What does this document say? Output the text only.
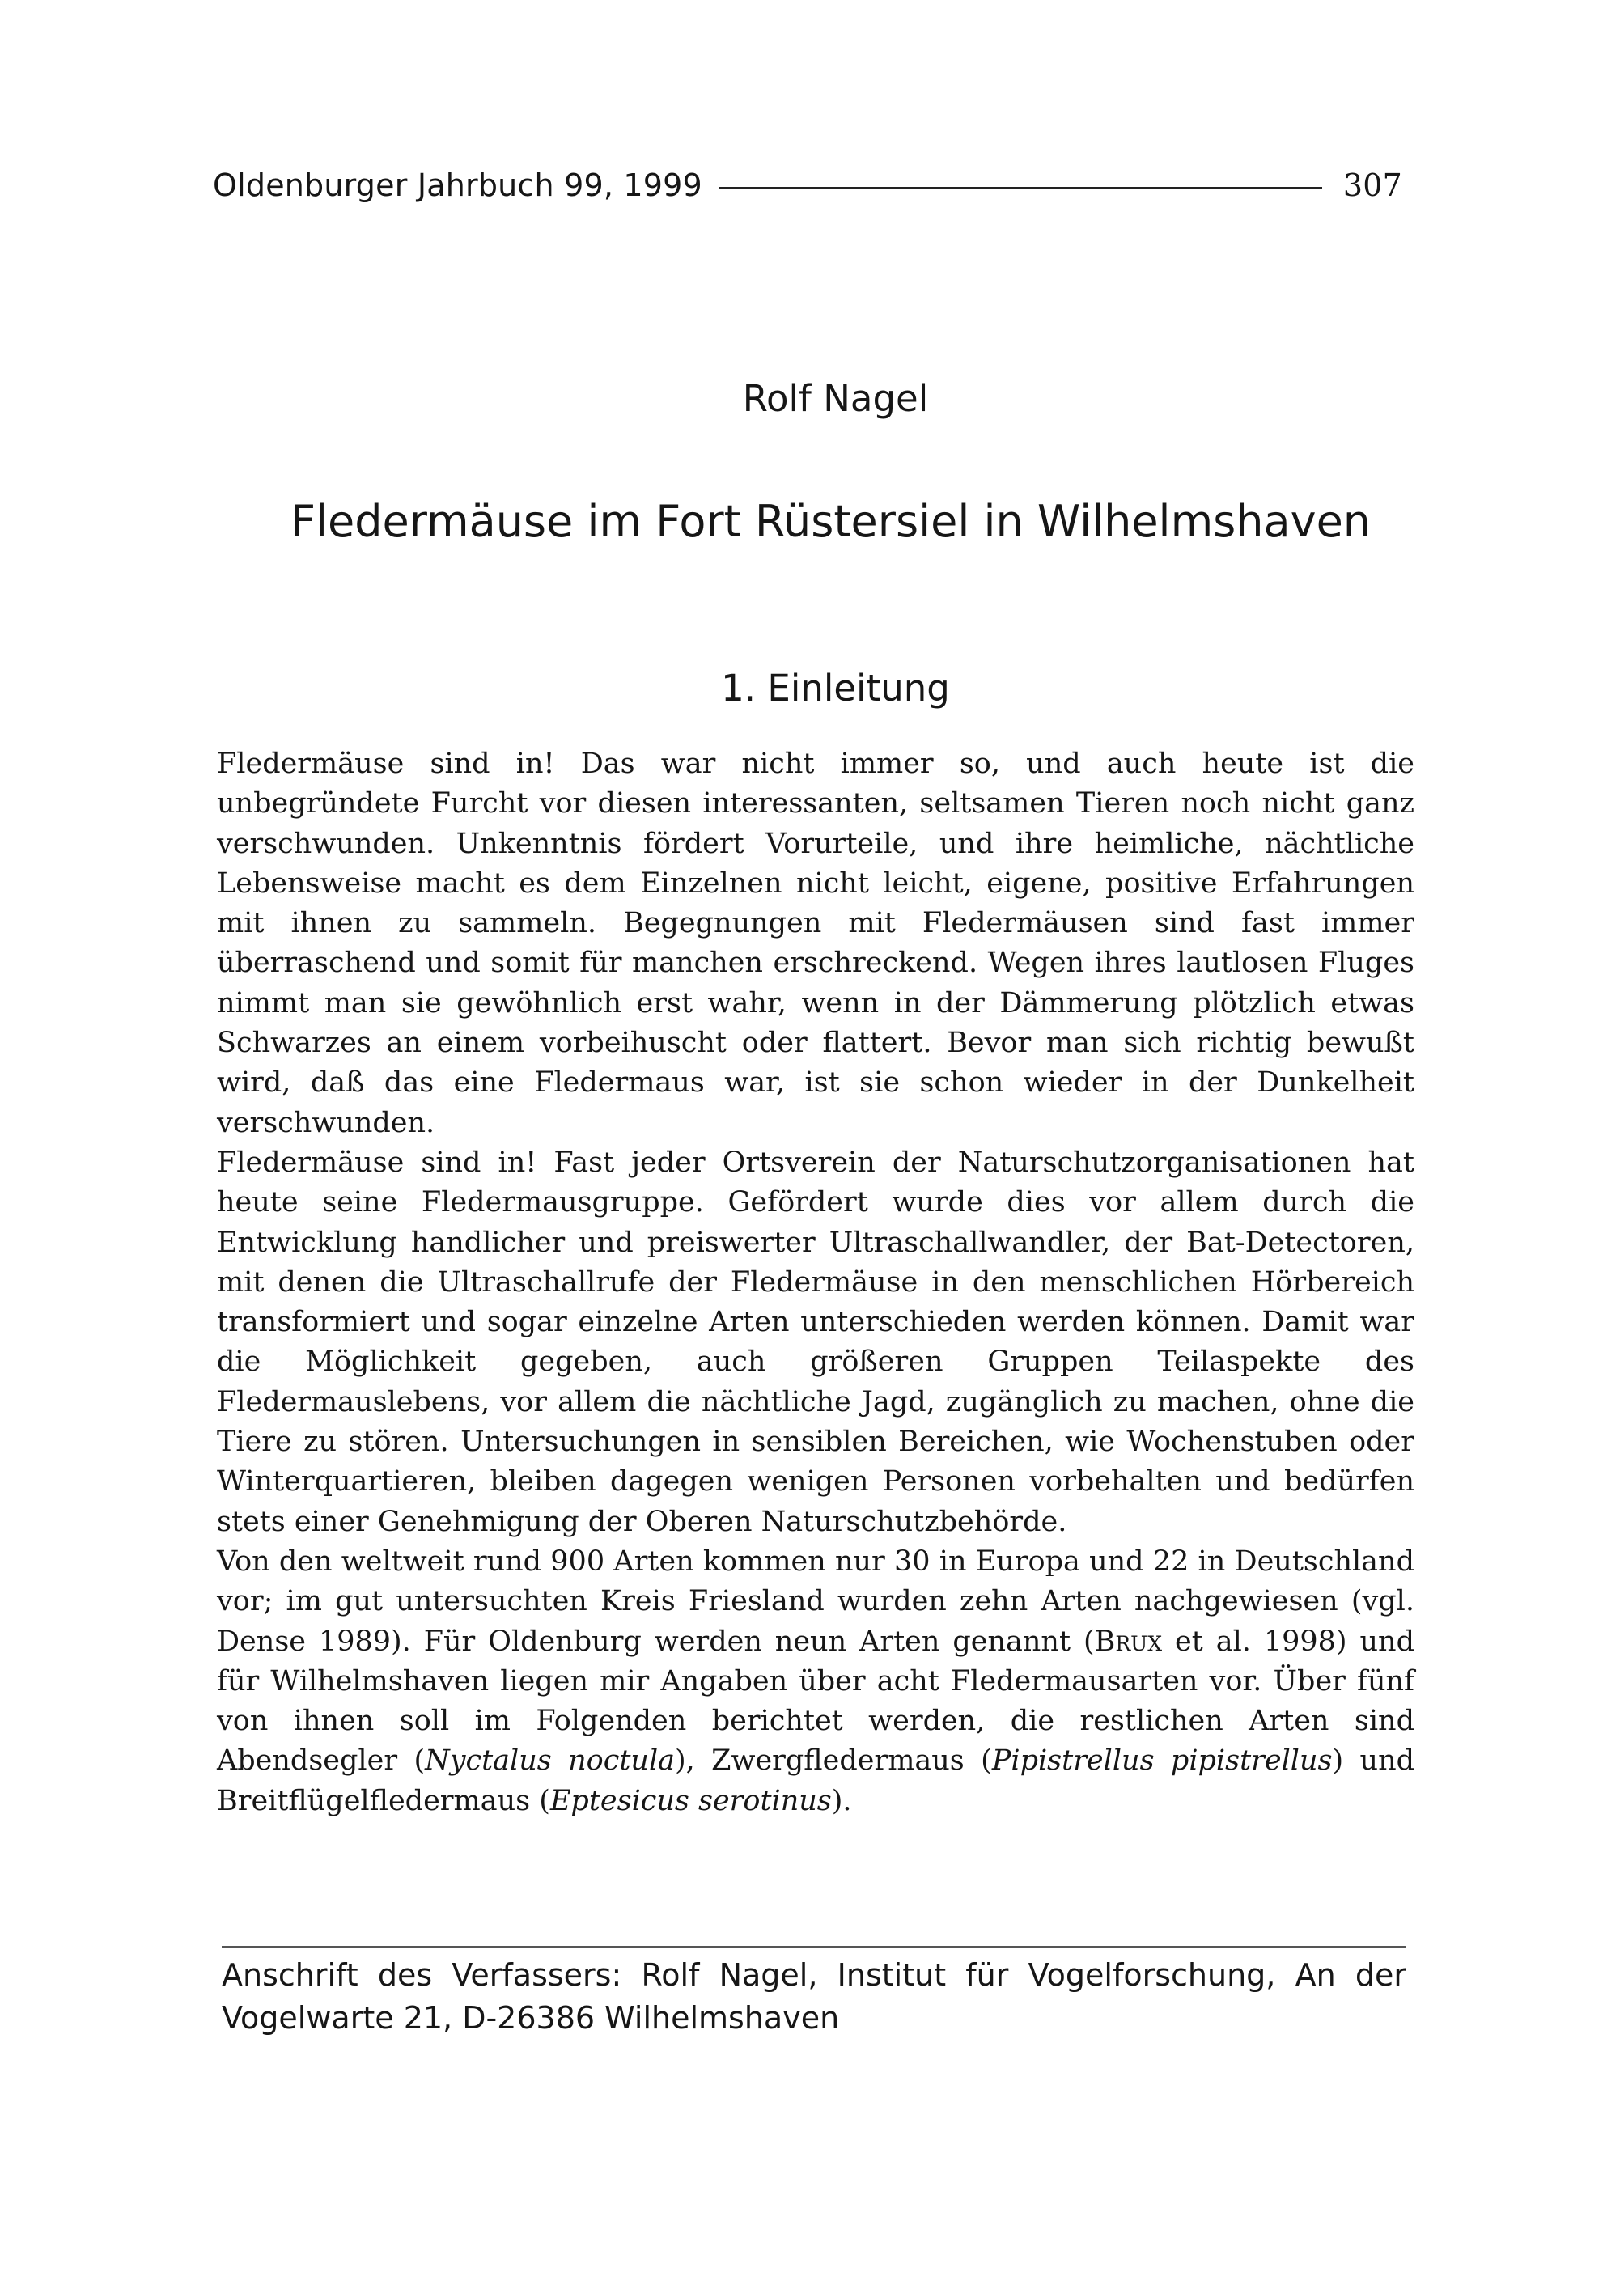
Oldenburger Jahrbuch 99, 1999	307
Rolf Nagel
Fledermäuse im Fort Rüstersiel in Wilhelmshaven
1. Einleitung

Fledermäuse sind in! Das war nicht immer so, und auch heute ist die unbegründete Furcht vor diesen interessanten, seltsamen Tieren noch nicht ganz verschwunden. Unkenntnis fördert Vorurteile, und ihre heimliche, nächtliche Lebensweise macht es dem Einzelnen nicht leicht, eigene, positive Erfahrungen mit ihnen zu sammeln. Begegnungen mit Fledermäusen sind fast immer überraschend und somit für manchen erschreckend. Wegen ihres lautlosen Fluges nimmt man sie gewöhnlich erst wahr, wenn in der Dämmerung plötzlich etwas Schwarzes an einem vorbeihuscht oder flattert. Bevor man sich richtig bewußt wird, daß das eine Fledermaus war, ist sie schon wieder in der Dunkelheit verschwunden.

Fledermäuse sind in! Fast jeder Ortsverein der Naturschutzorganisationen hat heute seine Fledermausgruppe. Gefördert wurde dies vor allem durch die Entwicklung handlicher und preiswerter Ultraschallwandler, der Bat-Detectoren, mit denen die Ultraschallrufe der Fledermäuse in den menschlichen Hörbereich transformiert und sogar einzelne Arten unterschieden werden können. Damit war die Möglichkeit gegeben, auch größeren Gruppen Teilaspekte des Fledermauslebens, vor allem die nächtliche Jagd, zugänglich zu machen, ohne die Tiere zu stören. Untersuchungen in sensiblen Bereichen, wie Wochenstuben oder Winterquartieren, bleiben dagegen wenigen Personen vorbehalten und bedürfen stets einer Genehmigung der Oberen Naturschutzbehörde.

Von den weltweit rund 900 Arten kommen nur 30 in Europa und 22 in Deutschland vor; im gut untersuchten Kreis Friesland wurden zehn Arten nachgewiesen (vgl. Dense 1989). Für Oldenburg werden neun Arten genannt (Brux et al. 1998) und für Wilhelmshaven liegen mir Angaben über acht Fledermausarten vor. Über fünf von ihnen soll im Folgenden berichtet werden, die restlichen Arten sind Abendsegler (Nyctalus noctula), Zwergfledermaus (Pipistrellus pipistrellus) und Breitflügelfledermaus (Eptesicus serotinus).

Anschrift des Verfassers: Rolf Nagel, Institut für Vogelforschung, An der Vogelwarte 21, D-26386 Wilhelmshaven
